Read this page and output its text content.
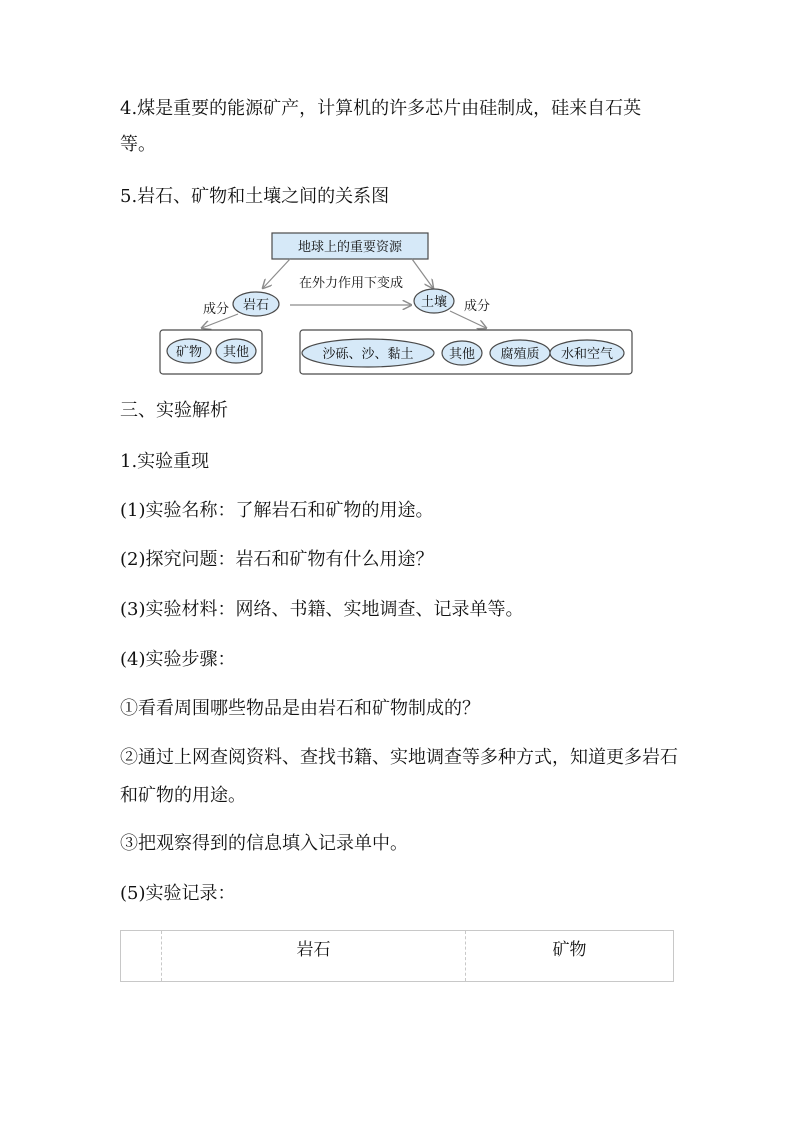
4.煤是重要的能源矿产，计算机的许多芯片由硅制成，硅来自石英
等。
5.岩石、矿物和土壤之间的关系图
地球上的重要资源
在外力作用下变成
岩石	土壤
成分	成分
矿物 其他	沙砾、沙、黏土	其他 腐殖质 水和空气
三、实验解析
1.实验重现
(1)实验名称：了解岩石和矿物的用途。
(2)探究问题：岩石和矿物有什么用途？
(3)实验材料：网络、书籍、实地调查、记录单等。
(4)实验步骤：
①看看周围哪些物品是由岩石和矿物制成的？
②通过上网查阅资料、查找书籍、实地调查等多种方式，知道更多岩石和矿物的用途。
③把观察得到的信息填入记录单中。
(5)实验记录：
	岩石	矿物
